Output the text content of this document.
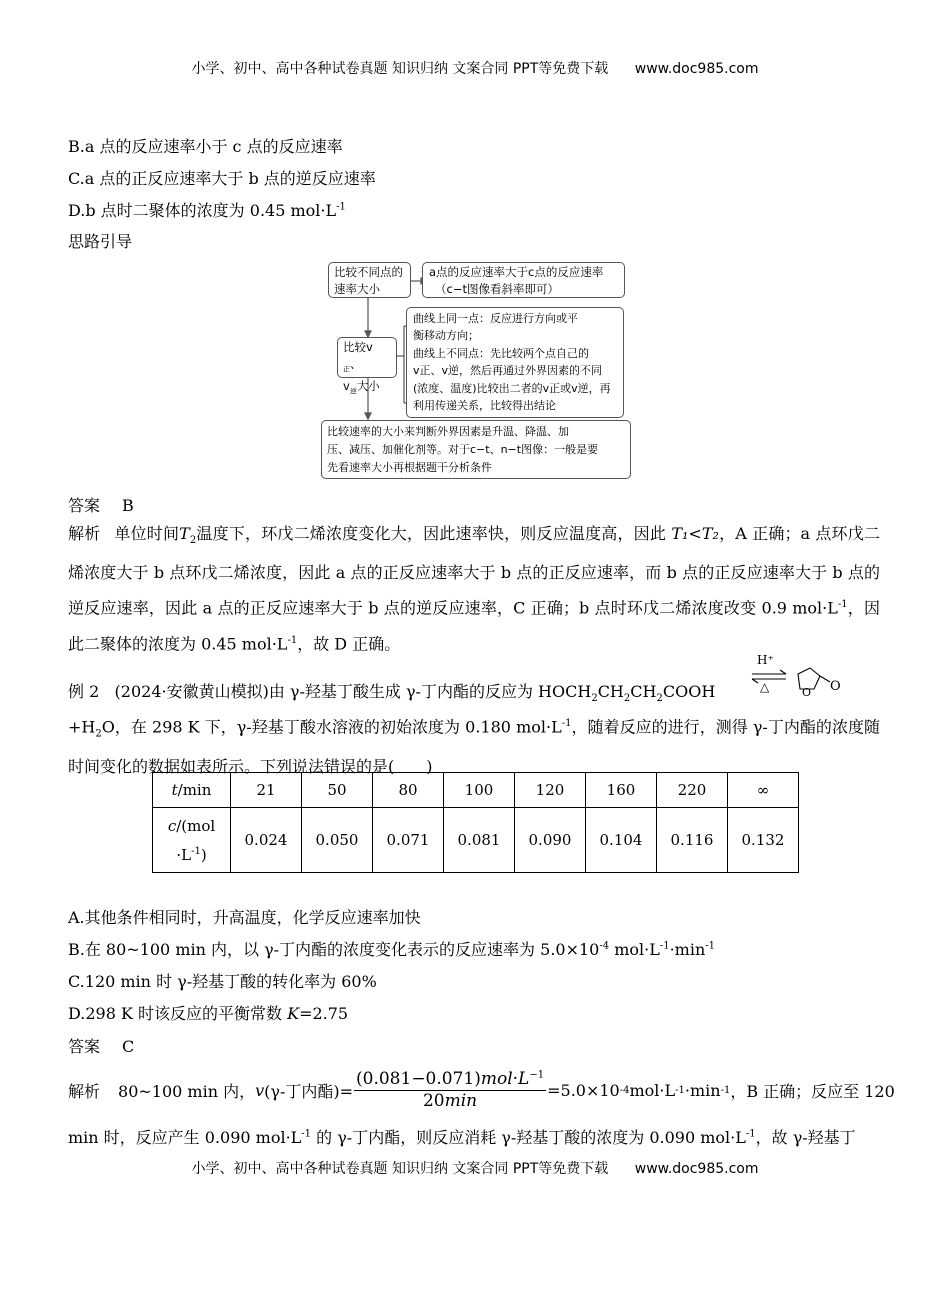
小学、初中、高中各种试卷真题 知识归纳 文案合同 PPT等免费下载 www.doc985.com
B.a 点的反应速率小于 c 点的反应速率
C.a 点的正反应速率大于 b 点的逆反应速率
D.b 点时二聚体的浓度为 0.45 $mol\cdot L^{-1}$
思路引导
比较不同点的速率大小
a点的反应速率大于c点的反应速率
（c−t图像看斜率即可）
比较$v_正$、
$v_逆$大小
曲线上同一点：反应进行方向或平
衡移动方向；
曲线上不同点：先比较两个点自己的
v正、v逆，然后再通过外界因素的不同
(浓度、温度)比较出二者的v正或v逆，再
利用传递关系，比较得出结论
比较速率的大小来判断外界因素是升温、降温、加
压、减压、加催化剂等。对于c−t、n−t图像：一般是要
先看速率大小再根据题干分析条件
答案 B
解析 单位时间$T_2$温度下，环戊二烯浓度变化大，因此速率快，则反应温度高，因此 T₁<T₂，A 正确；a 点环戊二烯浓度大于 b 点环戊二烯浓度，因此 a 点的正反应速率大于 b 点的正反应速率，而 b 点的正反应速率大于 b 点的逆反应速率，因此 a 点的正反应速率大于 b 点的逆反应速率，C 正确；b 点时环戊二烯浓度改变 0.9 $mol\cdot L^{-1}$，因此二聚体的浓度为 0.45 $mol\cdot L^{-1}$，故 D 正确。
例 2 (2024·安徽黄山模拟)由 γ-羟基丁酸生成 γ-丁内酯的反应为 $HOCH_2CH_2CH_2COOH$
H⁺
△	O O
$+H_2O$，在 298 K 下，γ-羟基丁酸水溶液的初始浓度为 0.180 $mol\cdot L^{-1}$，随着反应的进行，测得 γ-丁内酯的浓度随时间变化的数据如表所示。下列说法错误的是(　　)
t/min	21	50	80	100	120	160	220	∞

c/(mol
$\cdot L^{-1}$)	0.024	0.050	0.071	0.081	0.090	0.104	0.116	0.132
A.其他条件相同时，升高温度，化学反应速率加快
B.在 80~100 min 内，以 γ-丁内酯的浓度变化表示的反应速率为 $5.0\times 10^{-4}$ $mol\cdot L^{-1}\cdot\min^{-1}$
C.120 min 时 γ-羟基丁酸的转化率为 60%
D.298 K 时该反应的平衡常数 K=2.75
答案 C
解析 80~100 min 内， v (γ-丁内酯)=
$(0.081-0.071)mol\cdot L^{-1}$
20min
=5.0×10 -4 mol·L -1 ·min -1 ，B 正确；反应至 120
min 时，反应产生 0.090 $mol\cdot L^{-1}$ 的 γ-丁内酯，则反应消耗 γ-羟基丁酸的浓度为 0.090 $mol\cdot L^{-1}$，故 γ-羟基丁
小学、初中、高中各种试卷真题 知识归纳 文案合同 PPT等免费下载 www.doc985.com
